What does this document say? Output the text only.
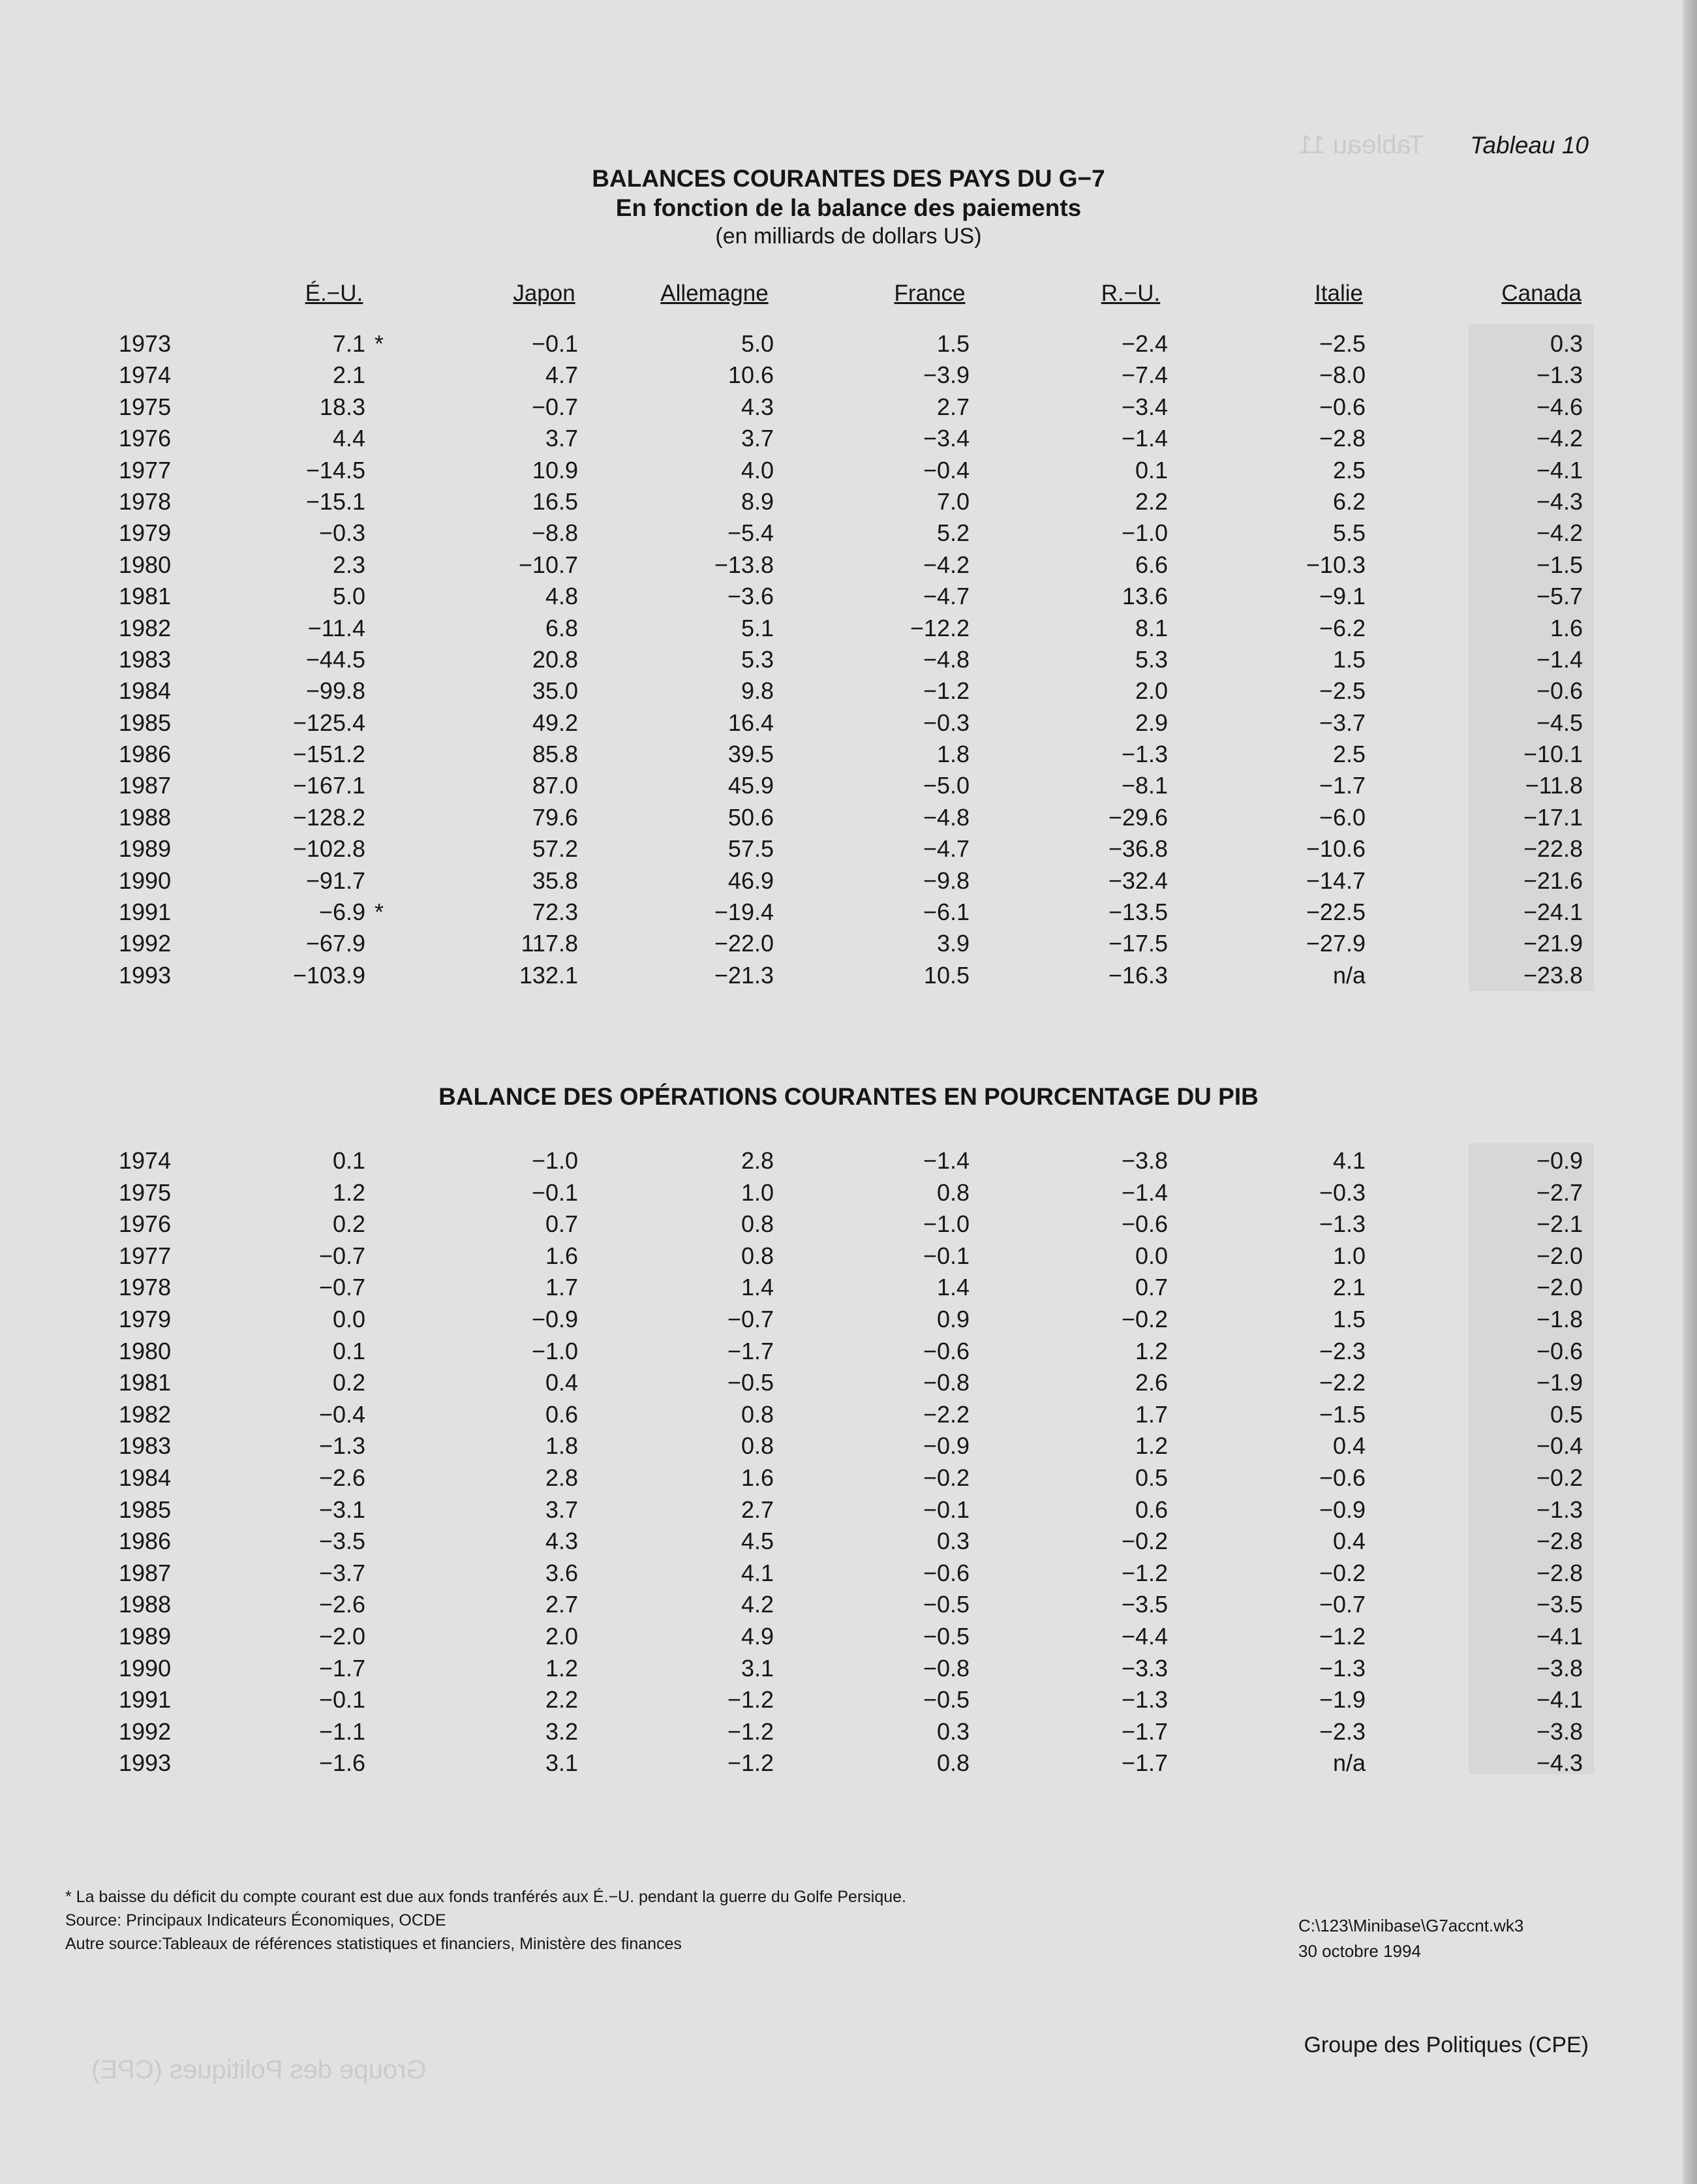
Tableau 11
Groupe des Politiques (CPE)
Tableau 10
BALANCES COURANTES DES PAYS DU G−7
En fonction de la balance des paiements
(en milliards de dollars US)
É.−U.	Japon	Allemagne	France	R.−U.	Italie	Canada
1973	7.1	−0.1	5.0	1.5	−2.4	−2.5	0.3
*
1974	2.1	4.7	10.6	−3.9	−7.4	−8.0	−1.3
1975	18.3	−0.7	4.3	2.7	−3.4	−0.6	−4.6
1976	4.4	3.7	3.7	−3.4	−1.4	−2.8	−4.2
1977	−14.5	10.9	4.0	−0.4	0.1	2.5	−4.1
1978	−15.1	16.5	8.9	7.0	2.2	6.2	−4.3
1979	−0.3	−8.8	−5.4	5.2	−1.0	5.5	−4.2
1980	2.3	−10.7	−13.8	−4.2	6.6	−10.3	−1.5
1981	5.0	4.8	−3.6	−4.7	13.6	−9.1	−5.7
1982	−11.4	6.8	5.1	−12.2	8.1	−6.2	1.6
1983	−44.5	20.8	5.3	−4.8	5.3	1.5	−1.4
1984	−99.8	35.0	9.8	−1.2	2.0	−2.5	−0.6
1985	−125.4	49.2	16.4	−0.3	2.9	−3.7	−4.5
1986	−151.2	85.8	39.5	1.8	−1.3	2.5	−10.1
1987	−167.1	87.0	45.9	−5.0	−8.1	−1.7	−11.8
1988	−128.2	79.6	50.6	−4.8	−29.6	−6.0	−17.1
1989	−102.8	57.2	57.5	−4.7	−36.8	−10.6	−22.8
1990	−91.7	35.8	46.9	−9.8	−32.4	−14.7	−21.6
1991	−6.9	72.3	−19.4	−6.1	−13.5	−22.5	−24.1
*
1992	−67.9	117.8	−22.0	3.9	−17.5	−27.9	−21.9
1993	−103.9	132.1	−21.3	10.5	−16.3	n/a	−23.8
BALANCE DES OPÉRATIONS COURANTES EN POURCENTAGE DU PIB
1974	0.1	−1.0	2.8	−1.4	−3.8	4.1	−0.9
1975	1.2	−0.1	1.0	0.8	−1.4	−0.3	−2.7
1976	0.2	0.7	0.8	−1.0	−0.6	−1.3	−2.1
1977	−0.7	1.6	0.8	−0.1	0.0	1.0	−2.0
1978	−0.7	1.7	1.4	1.4	0.7	2.1	−2.0
1979	0.0	−0.9	−0.7	0.9	−0.2	1.5	−1.8
1980	0.1	−1.0	−1.7	−0.6	1.2	−2.3	−0.6
1981	0.2	0.4	−0.5	−0.8	2.6	−2.2	−1.9
1982	−0.4	0.6	0.8	−2.2	1.7	−1.5	0.5
1983	−1.3	1.8	0.8	−0.9	1.2	0.4	−0.4
1984	−2.6	2.8	1.6	−0.2	0.5	−0.6	−0.2
1985	−3.1	3.7	2.7	−0.1	0.6	−0.9	−1.3
1986	−3.5	4.3	4.5	0.3	−0.2	0.4	−2.8
1987	−3.7	3.6	4.1	−0.6	−1.2	−0.2	−2.8
1988	−2.6	2.7	4.2	−0.5	−3.5	−0.7	−3.5
1989	−2.0	2.0	4.9	−0.5	−4.4	−1.2	−4.1
1990	−1.7	1.2	3.1	−0.8	−3.3	−1.3	−3.8
1991	−0.1	2.2	−1.2	−0.5	−1.3	−1.9	−4.1
1992	−1.1	3.2	−1.2	0.3	−1.7	−2.3	−3.8
1993	−1.6	3.1	−1.2	0.8	−1.7	n/a	−4.3
* La baisse du déficit du compte courant est due aux fonds tranférés aux É.−U. pendant la guerre du Golfe Persique.
Source: Principaux Indicateurs Économiques, OCDE
Autre source:Tableaux de références statistiques et financiers, Ministère des finances
C:\123\Minibase\G7accnt.wk3
30 octobre 1994
Groupe des Politiques (CPE)
